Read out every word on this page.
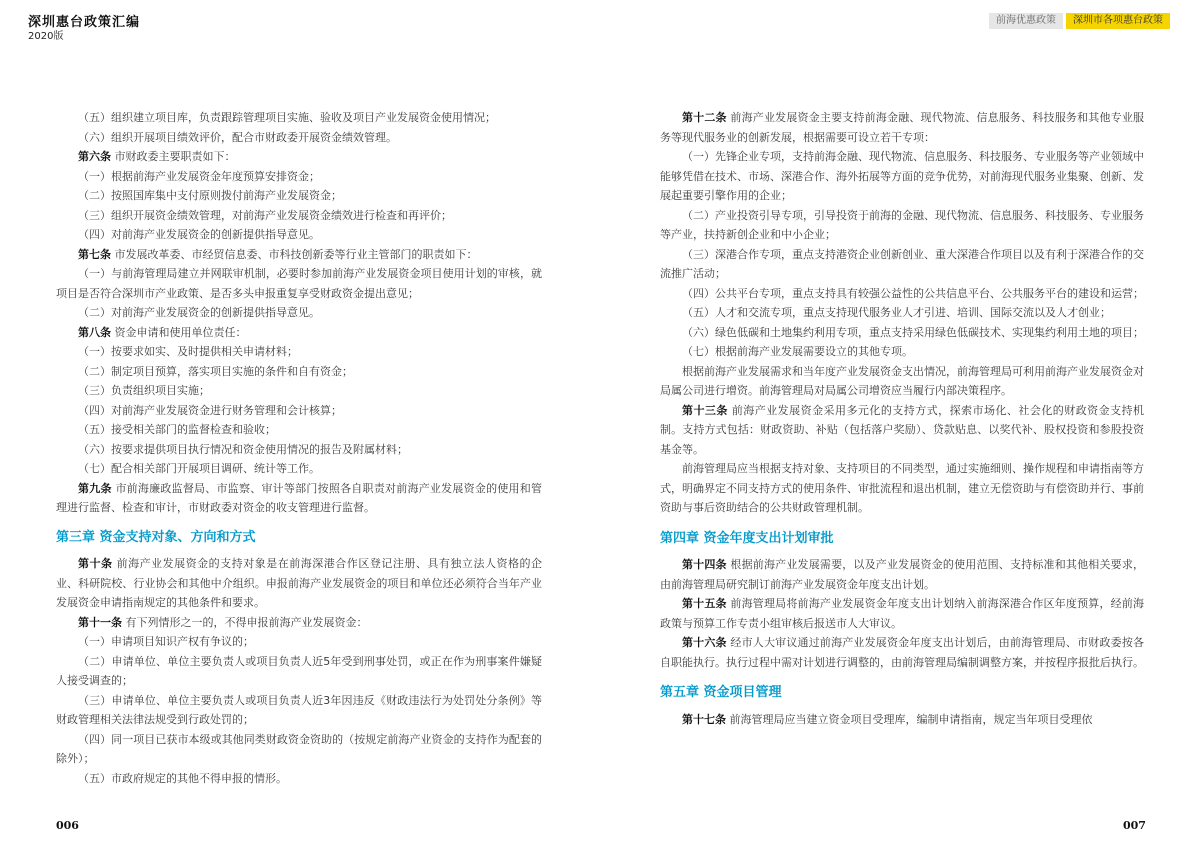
深圳惠台政策汇编
2020版
前海优惠政策	深圳市各项惠台政策

（五）组织建立项目库，负责跟踪管理项目实施、验收及项目产业发展资金使用情况；

（六）组织开展项目绩效评价，配合市财政委开展资金绩效管理。

第六条 市财政委主要职责如下：

（一）根据前海产业发展资金年度预算安排资金；

（二）按照国库集中支付原则拨付前海产业发展资金；

（三）组织开展资金绩效管理，对前海产业发展资金绩效进行检查和再评价；

（四）对前海产业发展资金的创新提供指导意见。

第七条 市发展改革委、市经贸信息委、市科技创新委等行业主管部门的职责如下：

（一）与前海管理局建立并网联审机制，必要时参加前海产业发展资金项目使用计划的审核，就项目是否符合深圳市产业政策、是否多头申报重复享受财政资金提出意见；

（二）对前海产业发展资金的创新提供指导意见。

第八条 资金申请和使用单位责任：

（一）按要求如实、及时提供相关申请材料；

（二）制定项目预算，落实项目实施的条件和自有资金；

（三）负责组织项目实施；

（四）对前海产业发展资金进行财务管理和会计核算；

（五）接受相关部门的监督检查和验收；

（六）按要求提供项目执行情况和资金使用情况的报告及附属材料；

（七）配合相关部门开展项目调研、统计等工作。

第九条 市前海廉政监督局、市监察、审计等部门按照各自职责对前海产业发展资金的使用和管理进行监督、检查和审计，市财政委对资金的收支管理进行监督。

第三章 资金支持对象、方向和方式

第十条 前海产业发展资金的支持对象是在前海深港合作区登记注册、具有独立法人资格的企业、科研院校、行业协会和其他中介组织。申报前海产业发展资金的项目和单位还必须符合当年产业发展资金申请指南规定的其他条件和要求。

第十一条 有下列情形之一的，不得申报前海产业发展资金：

（一）申请项目知识产权有争议的；

（二）申请单位、单位主要负责人或项目负责人近5年受到刑事处罚，或正在作为刑事案件嫌疑人接受调查的；

（三）申请单位、单位主要负责人或项目负责人近3年因违反《财政违法行为处罚处分条例》等财政管理相关法律法规受到行政处罚的；

（四）同一项目已获市本级或其他同类财政资金资助的（按规定前海产业资金的支持作为配套的除外）；

（五）市政府规定的其他不得申报的情形。

第十二条 前海产业发展资金主要支持前海金融、现代物流、信息服务、科技服务和其他专业服务等现代服务业的创新发展，根据需要可设立若干专项：

（一）先锋企业专项，支持前海金融、现代物流、信息服务、科技服务、专业服务等产业领域中能够凭借在技术、市场、深港合作、海外拓展等方面的竞争优势，对前海现代服务业集聚、创新、发展起重要引擎作用的企业；

（二）产业投资引导专项，引导投资于前海的金融、现代物流、信息服务、科技服务、专业服务等产业，扶持新创企业和中小企业；

（三）深港合作专项，重点支持港资企业创新创业、重大深港合作项目以及有利于深港合作的交流推广活动；

（四）公共平台专项，重点支持具有较强公益性的公共信息平台、公共服务平台的建设和运营；

（五）人才和交流专项，重点支持现代服务业人才引进、培训、国际交流以及人才创业；

（六）绿色低碳和土地集约利用专项，重点支持采用绿色低碳技术、实现集约利用土地的项目；

（七）根据前海产业发展需要设立的其他专项。

根据前海产业发展需求和当年度产业发展资金支出情况，前海管理局可利用前海产业发展资金对局属公司进行增资。前海管理局对局属公司增资应当履行内部决策程序。

第十三条 前海产业发展资金采用多元化的支持方式，探索市场化、社会化的财政资金支持机制。支持方式包括：财政资助、补贴（包括落户奖励）、贷款贴息、以奖代补、股权投资和参股投资基金等。

前海管理局应当根据支持对象、支持项目的不同类型，通过实施细则、操作规程和申请指南等方式，明确界定不同支持方式的使用条件、审批流程和退出机制，建立无偿资助与有偿资助并行、事前资助与事后资助结合的公共财政管理机制。

第四章 资金年度支出计划审批

第十四条 根据前海产业发展需要，以及产业发展资金的使用范围、支持标准和其他相关要求，由前海管理局研究制订前海产业发展资金年度支出计划。

第十五条 前海管理局将前海产业发展资金年度支出计划纳入前海深港合作区年度预算，经前海政策与预算工作专责小组审核后报送市人大审议。

第十六条 经市人大审议通过前海产业发展资金年度支出计划后，由前海管理局、市财政委按各自职能执行。执行过程中需对计划进行调整的，由前海管理局编制调整方案，并按程序报批后执行。

第五章 资金项目管理

第十七条 前海管理局应当建立资金项目受理库，编制申请指南，规定当年项目受理依

006	007
